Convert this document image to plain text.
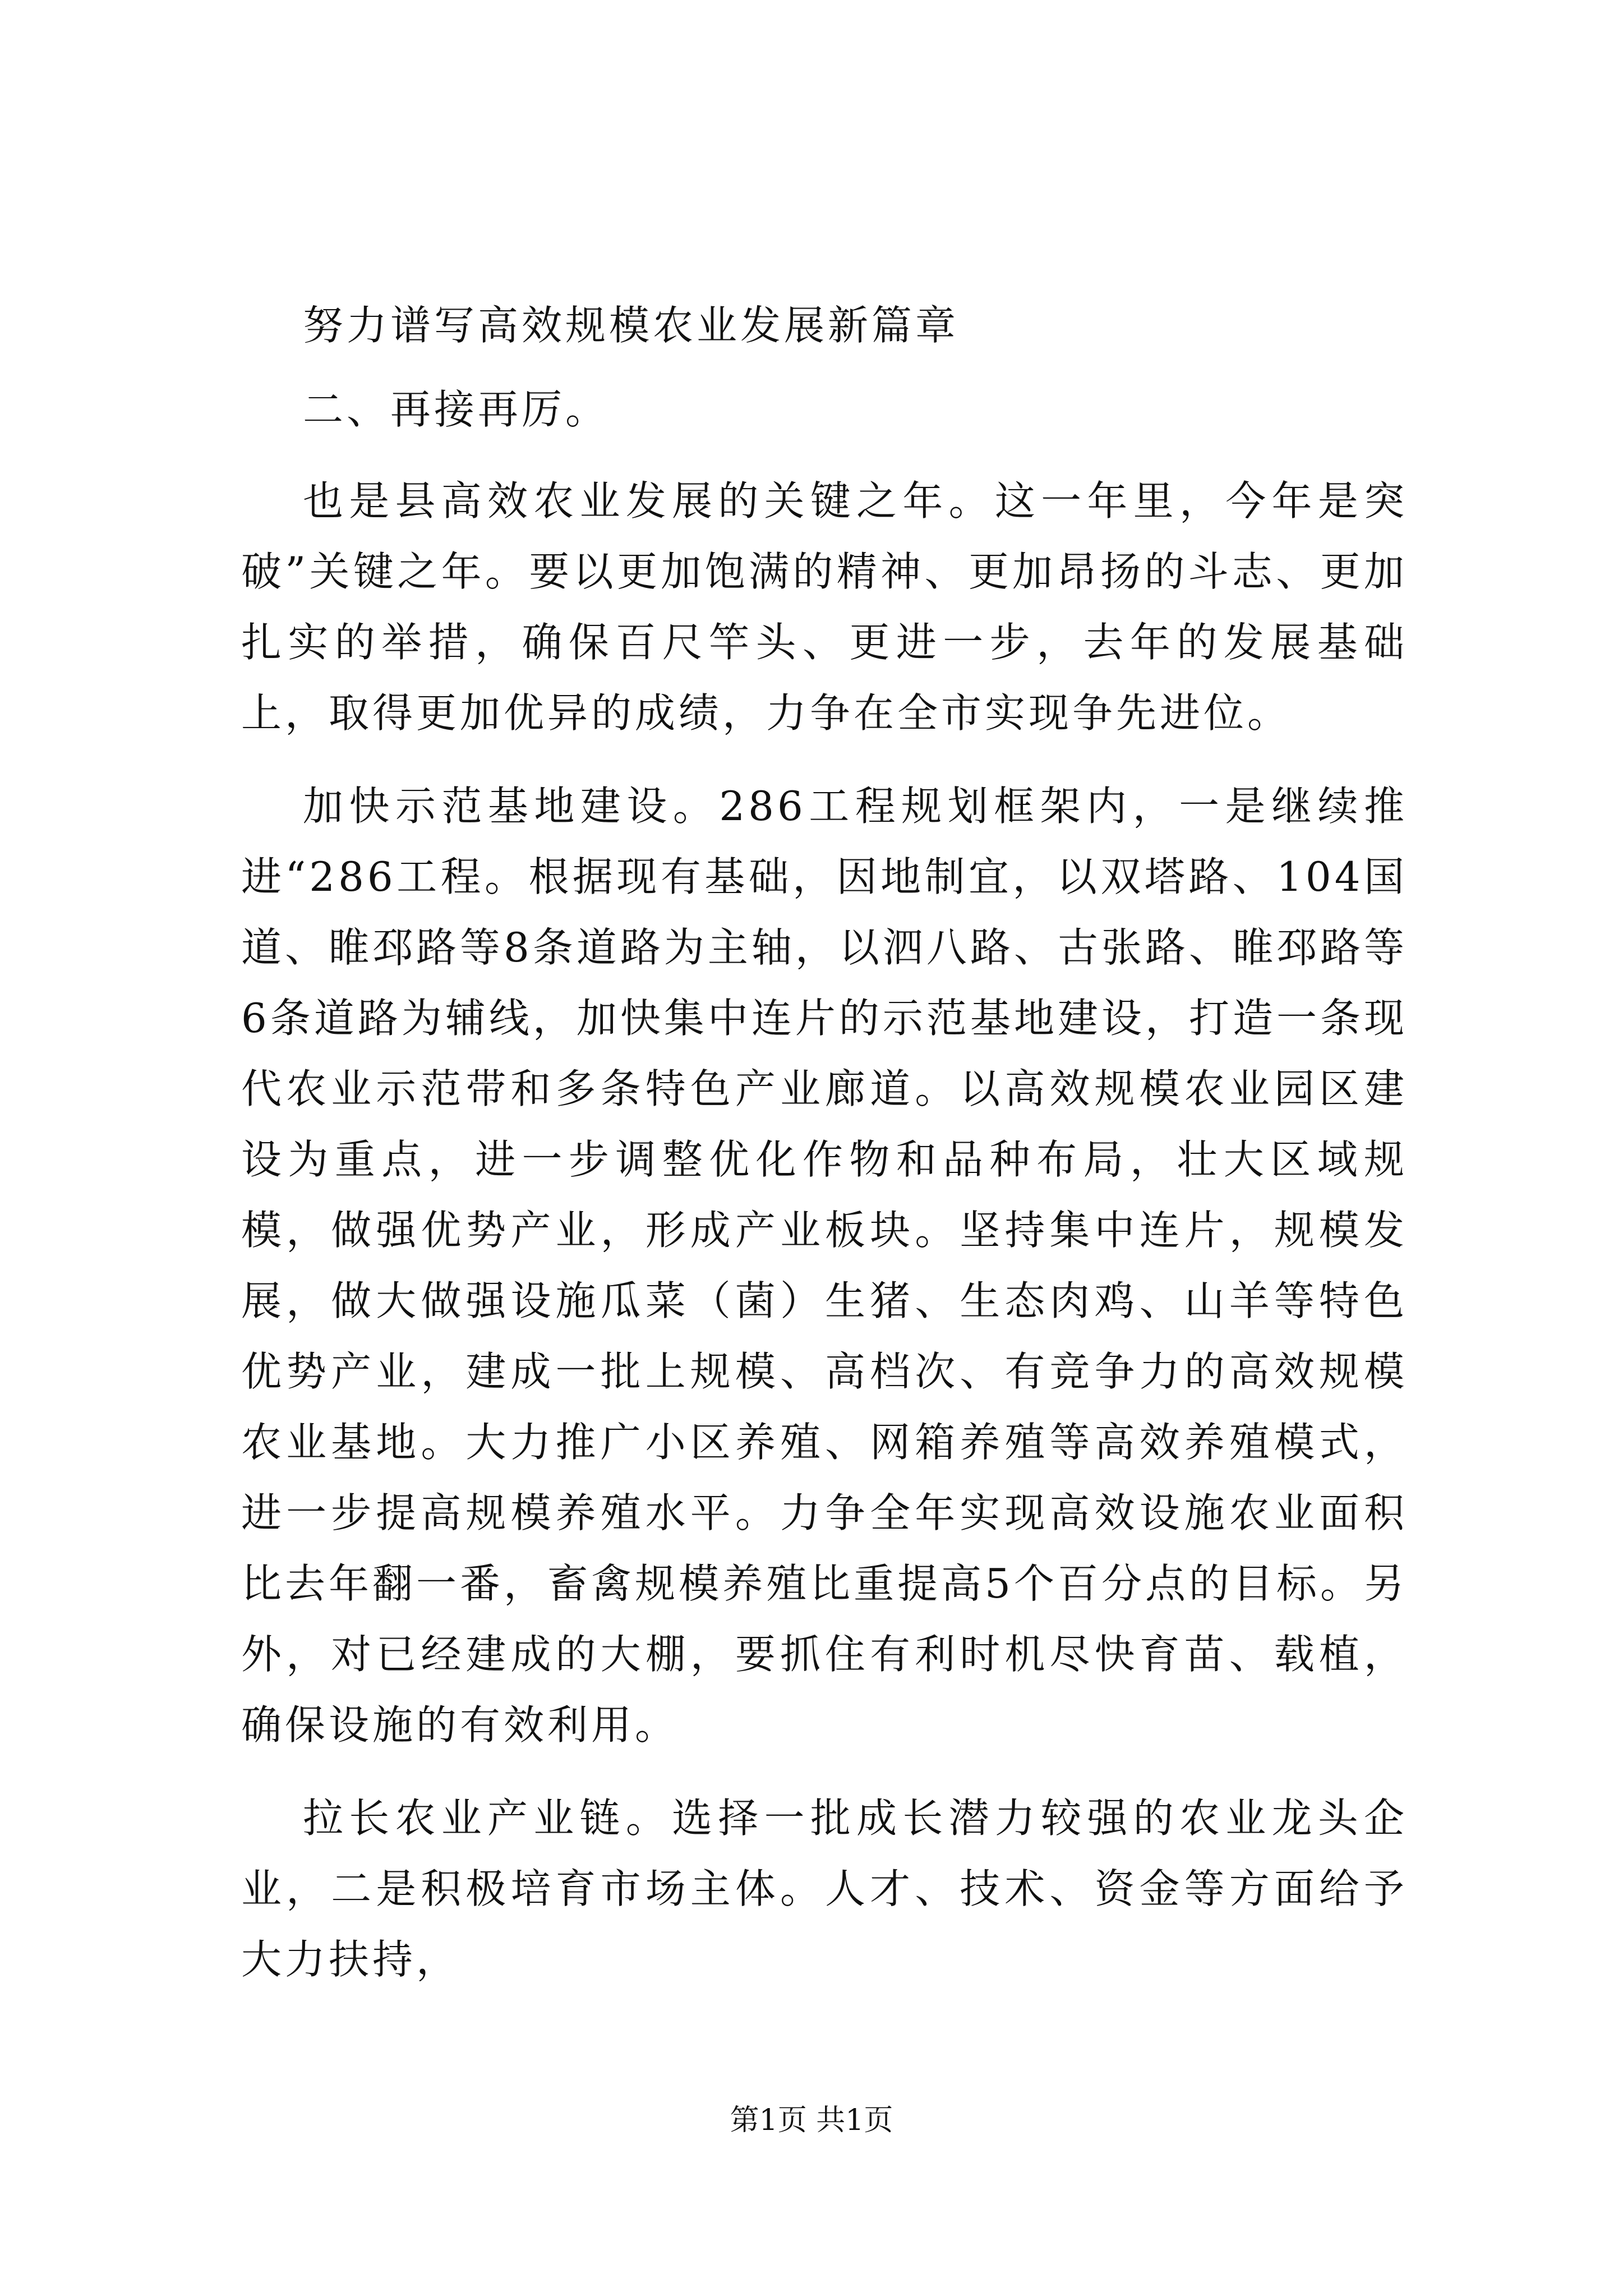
努力谱写高效规模农业发展新篇章

二、再接再厉。

也是县高效农业发展的关键之年。这一年里，今年是突破”关键之年。要以更加饱满的精神、更加昂扬的斗志、更加扎实的举措，确保百尺竿头、更进一步，去年的发展基础上，取得更加优异的成绩，力争在全市实现争先进位。

加快示范基地建设。286工程规划框架内，一是继续推进“286工程。根据现有基础，因地制宜，以双塔路、104国道、睢邳路等8条道路为主轴，以泗八路、古张路、睢邳路等6条道路为辅线，加快集中连片的示范基地建设，打造一条现代农业示范带和多条特色产业廊道。以高效规模农业园区建设为重点，进一步调整优化作物和品种布局，壮大区域规模，做强优势产业，形成产业板块。坚持集中连片，规模发展，做大做强设施瓜菜（菌）生猪、生态肉鸡、山羊等特色优势产业，建成一批上规模、高档次、有竞争力的高效规模农业基地。大力推广小区养殖、网箱养殖等高效养殖模式，进一步提高规模养殖水平。力争全年实现高效设施农业面积比去年翻一番，畜禽规模养殖比重提高5个百分点的目标。另外，对已经建成的大棚，要抓住有利时机尽快育苗、载植，确保设施的有效利用。

拉长农业产业链。选择一批成长潜力较强的农业龙头企业，二是积极培育市场主体。人才、技术、资金等方面给予大力扶持，

第1页 共1页
